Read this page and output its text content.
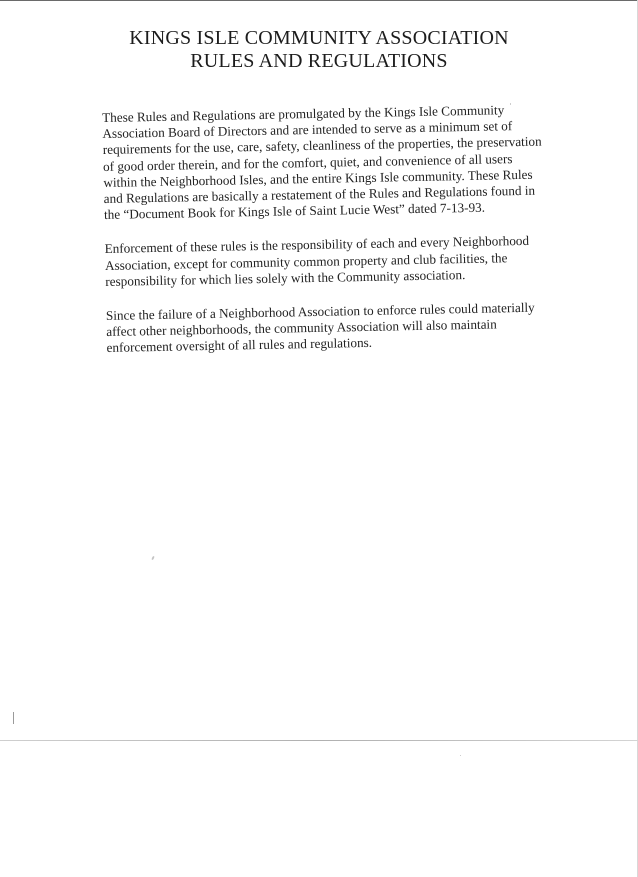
KINGS ISLE COMMUNITY ASSOCIATION
RULES AND REGULATIONS

These Rules and Regulations are promulgated by the Kings Isle Community Association Board of Directors and are intended to serve as a minimum set of requirements for the use, care, safety, cleanliness of the properties, the preservation of good order therein, and for the comfort, quiet, and convenience of all users within the Neighborhood Isles, and the entire Kings Isle community. These Rules and Regulations are basically a restatement of the Rules and Regulations found in the “Document Book for Kings Isle of Saint Lucie West” dated 7-13-93.

Enforcement of these rules is the responsibility of each and every Neighborhood Association, except for community common property and club facilities, the responsibility for which lies solely with the Community association.

Since the failure of a Neighborhood Association to enforce rules could materially affect other neighborhoods, the community Association will also maintain enforcement oversight of all rules and regulations.
